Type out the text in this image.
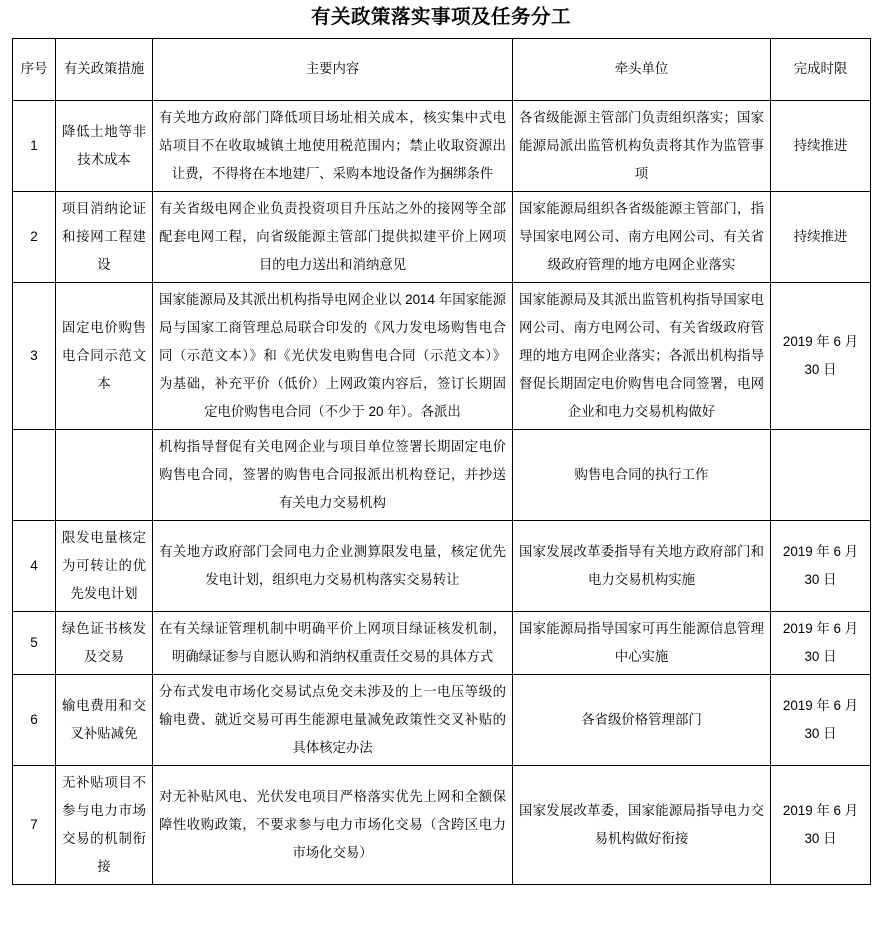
有关政策落实事项及任务分工
序号	有关政策措施	主要内容	牵头单位	完成时限
1	降低土地等非技术成本	有关地方政府部门降低项目场址相关成本，核实集中式电站项目不在收取城镇土地使用税范围内；禁止收取资源出让费，不得将在本地建厂、采购本地设备作为捆绑条件	各省级能源主管部门负责组织落实；国家能源局派出监管机构负责将其作为监管事项	持续推进
2	项目消纳论证和接网工程建设	有关省级电网企业负责投资项目升压站之外的接网等全部配套电网工程，向省级能源主管部门提供拟建平价上网项目的电力送出和消纳意见	国家能源局组织各省级能源主管部门，指导国家电网公司、南方电网公司、有关省级政府管理的地方电网企业落实	持续推进
3	固定电价购售电合同示范文本	国家能源局及其派出机构指导电网企业以 2014 年国家能源局与国家工商管理总局联合印发的《风力发电场购售电合同（示范文本）》和《光伏发电购售电合同（示范文本）》为基础，补充平价（低价）上网政策内容后，签订长期固定电价购售电合同（不少于 20 年）。各派出	国家能源局及其派出监管机构指导国家电网公司、南方电网公司、有关省级政府管理的地方电网企业落实；各派出机构指导督促长期固定电价购售电合同签署，电网企业和电力交易机构做好	2019 年 6 月 30 日
		机构指导督促有关电网企业与项目单位签署长期固定电价购售电合同，签署的购售电合同报派出机构登记，并抄送有关电力交易机构	购售电合同的执行工作	
4	限发电量核定为可转让的优先发电计划	有关地方政府部门会同电力企业测算限发电量，核定优先发电计划，组织电力交易机构落实交易转让	国家发展改革委指导有关地方政府部门和电力交易机构实施	2019 年 6 月 30 日
5	绿色证书核发及交易	在有关绿证管理机制中明确平价上网项目绿证核发机制，明确绿证参与自愿认购和消纳权重责任交易的具体方式	国家能源局指导国家可再生能源信息管理中心实施	2019 年 6 月 30 日
6	输电费用和交叉补贴减免	分布式发电市场化交易试点免交未涉及的上一电压等级的输电费、就近交易可再生能源电量减免政策性交叉补贴的具体核定办法	各省级价格管理部门	2019 年 6 月 30 日
7	无补贴项目不参与电力市场交易的机制衔接	对无补贴风电、光伏发电项目严格落实优先上网和全额保障性收购政策，不要求参与电力市场化交易（含跨区电力市场化交易）	国家发展改革委，国家能源局指导电力交易机构做好衔接	2019 年 6 月 30 日
